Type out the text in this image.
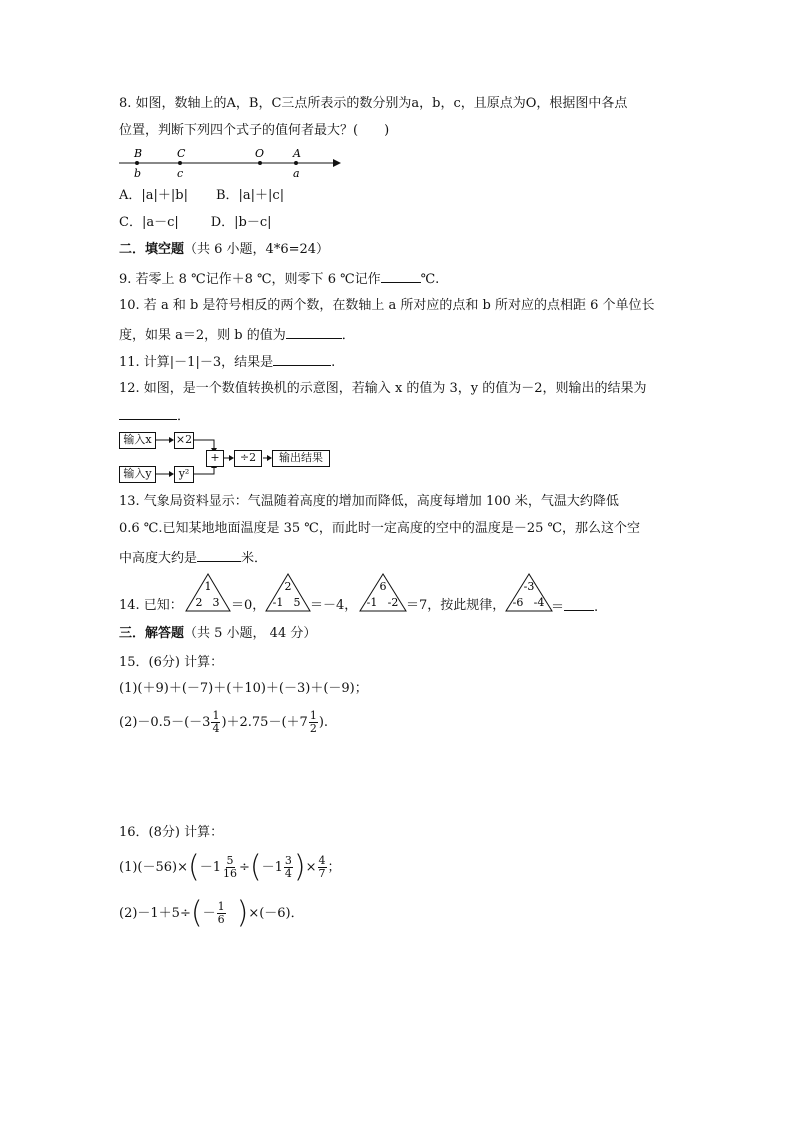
8. 如图，数轴上的A，B，C三点所表示的数分别为a，b，c，且原点为O，根据图中各点
位置，判断下列四个式子的值何者最大？(　　)
B	C	O	A
b	c	a
A．|a|＋|b| B．|a|＋|c|
C．|a－c| D．|b－c|
二．填空题（共 6 小题，4*6=24）
9. 若零上 8 ℃记作＋8 ℃，则零下 6 ℃记作	℃.
10. 若 a 和 b 是符号相反的两个数，在数轴上 a 所对应的点和 b 所对应的点相距 6 个单位长
度，如果 a＝2，则 b 的值为	．
11. 计算|－1|－3，结果是	.
12. 如图，是一个数值转换机的示意图，若输入 x 的值为 3，y 的值为－2，则输出的结果为
．
输入x	×2
输入y	y²
+	÷2	输出结果
13. 气象局资料显示：气温随着高度的增加而降低，高度每增加 100 米，气温大约降低
0.6 ℃.已知某地地面温度是 35 ℃，而此时一定高度的空中的温度是－25 ℃，那么这个空
中高度大约是	米．
14. 已知：
1
2 3 ＝0，
2
-1 5 ＝－4，
6
-1 -2 ＝7，按此规律，
-3
-6 -4 ＝ .
三．解答题（共 5 小题， 44 分）
15．(6分) 计算：
(1)(＋9)＋(－7)＋(＋10)＋(－3)＋(－9)；
$(2)-0.5-(-3 \frac{1}{4} )+2.75-(+7 \frac{1}{2}$ ).
16．(8分) 计算：
$(1)(-56)\times(-1 \frac{5}{16} \div(-1 \frac{3}{4}$ )× $\frac{4}{7}$ ；
$(2)-1+5\div(- \frac{1}{6} )\times(-6)$．
